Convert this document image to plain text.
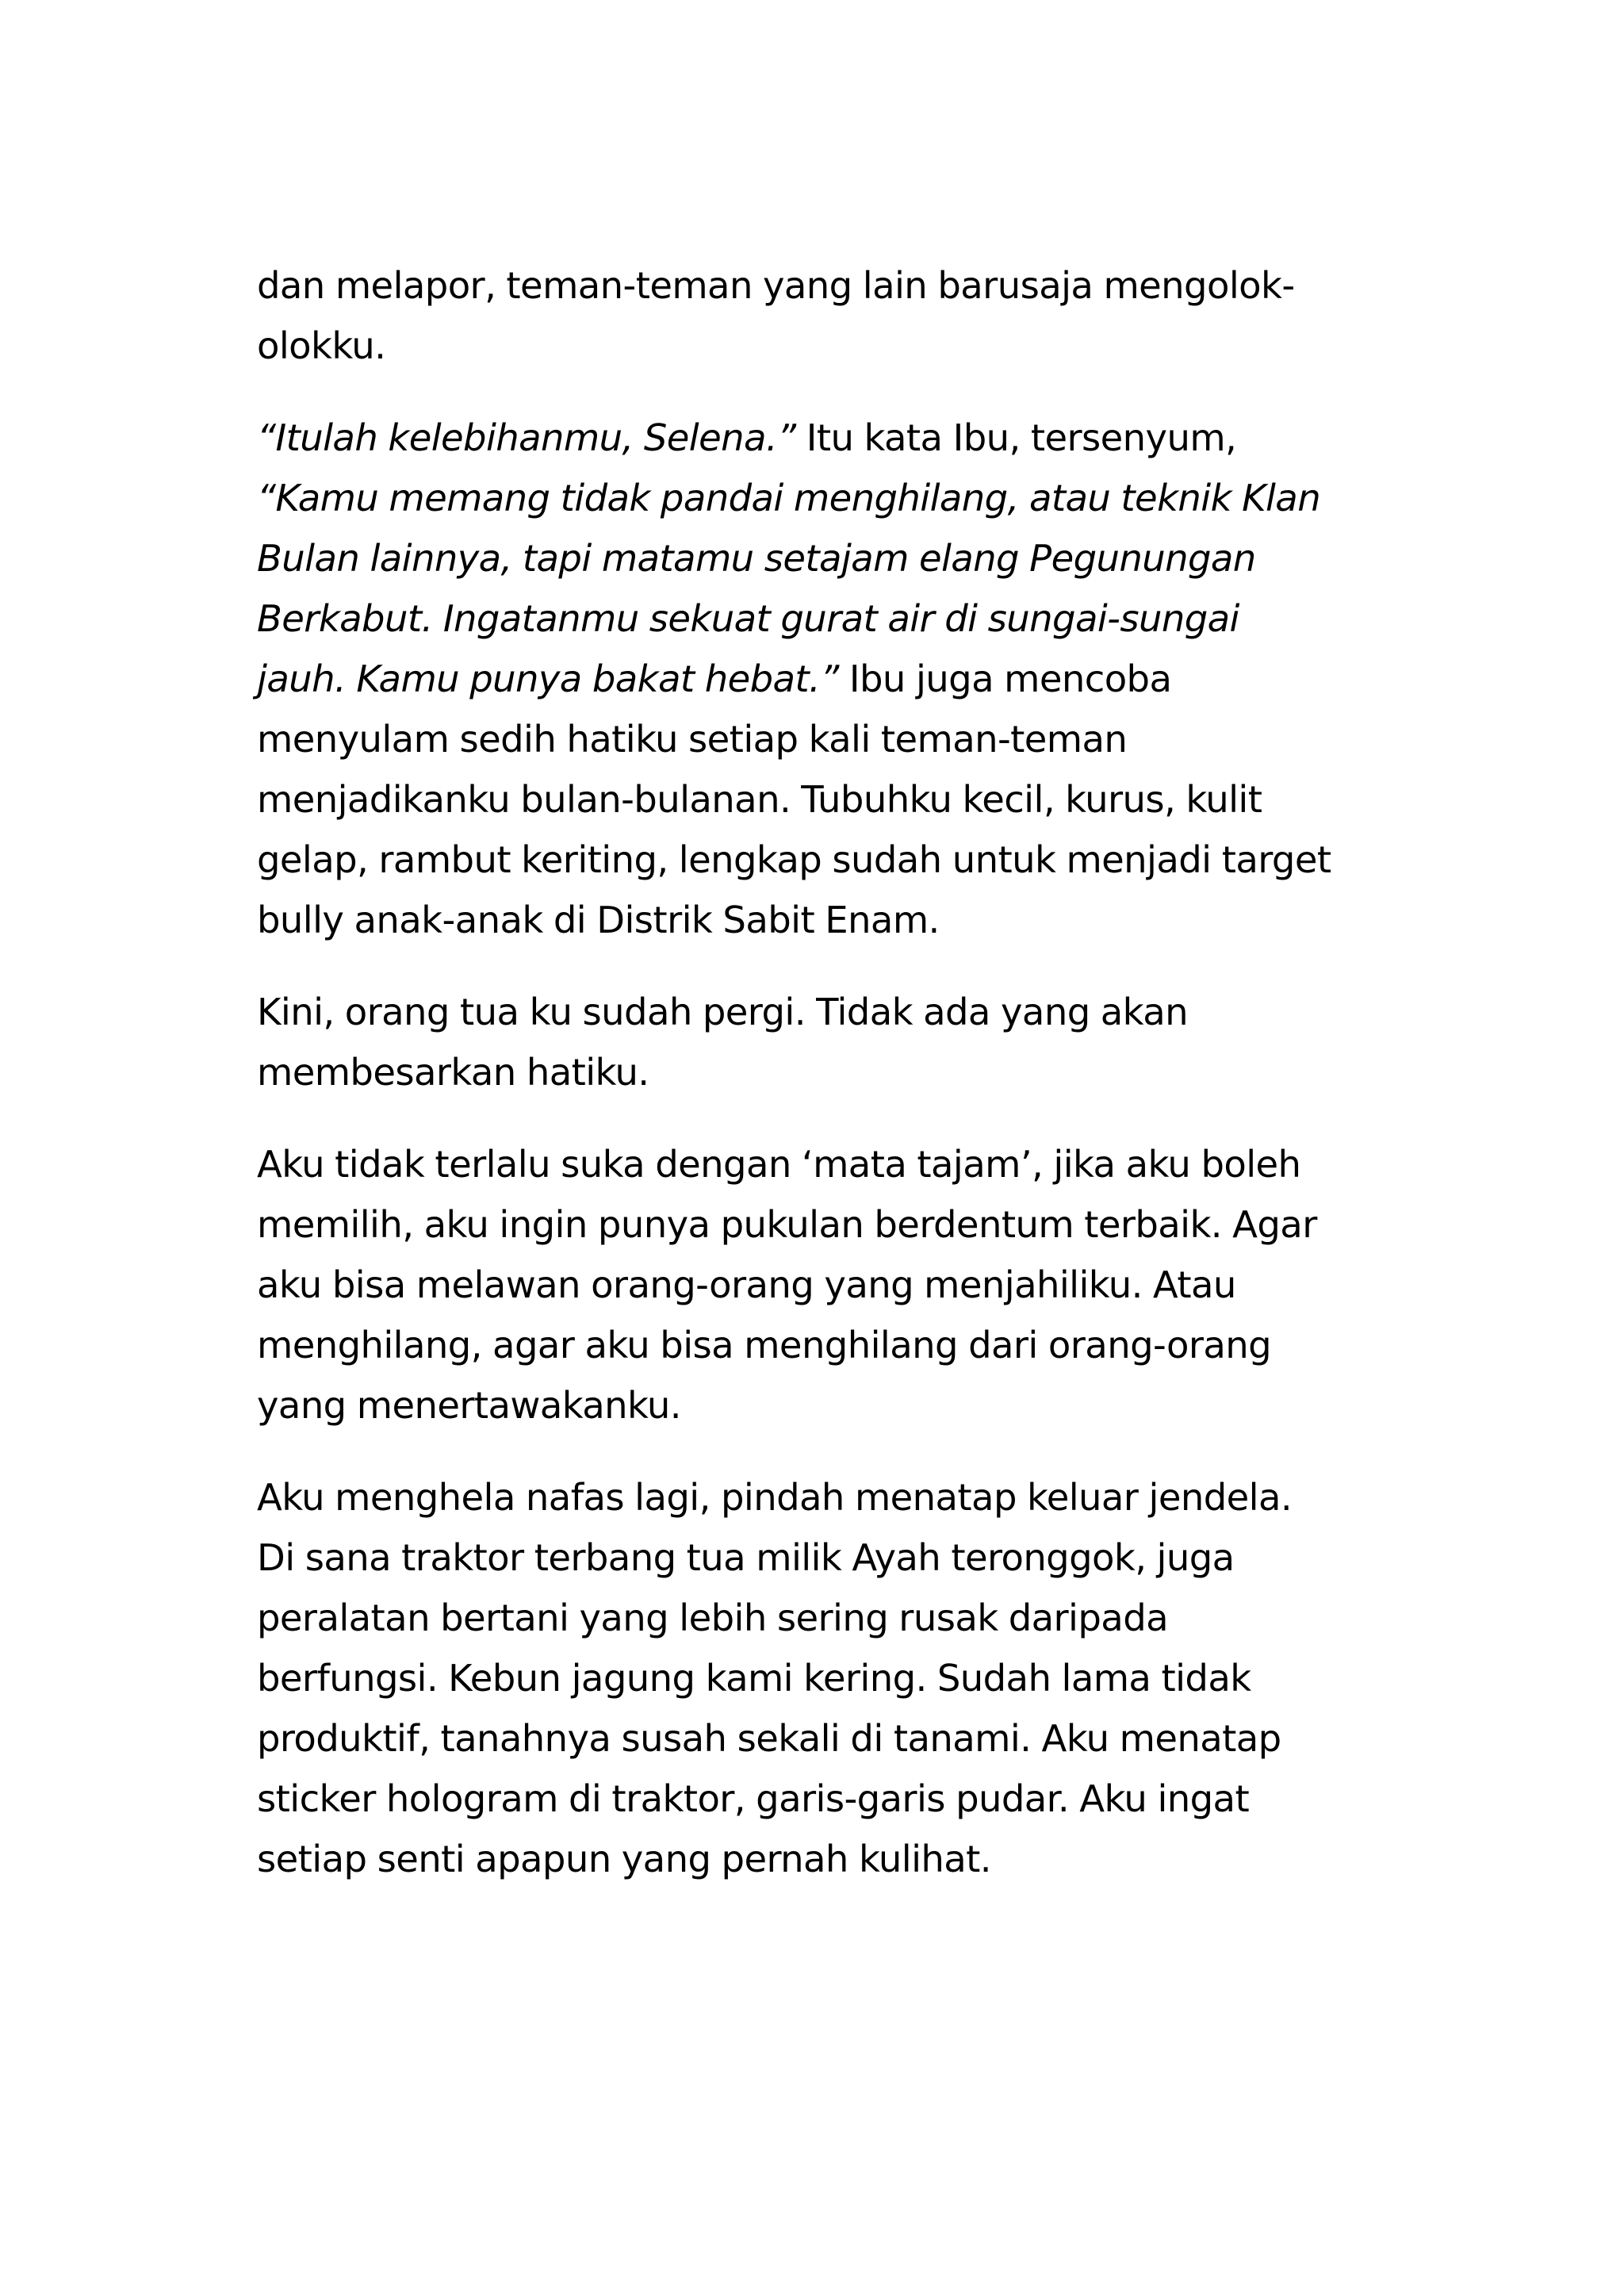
dan melapor, teman-teman yang lain barusaja mengolok-
olokku.

“Itulah kelebihanmu, Selena.” Itu kata Ibu, tersenyum,
“Kamu memang tidak pandai menghilang, atau teknik Klan
Bulan lainnya, tapi matamu setajam elang Pegunungan
Berkabut. Ingatanmu sekuat gurat air di sungai-sungai
jauh. Kamu punya bakat hebat.” Ibu juga mencoba
menyulam sedih hatiku setiap kali teman-teman
menjadikanku bulan-bulanan. Tubuhku kecil, kurus, kulit
gelap, rambut keriting, lengkap sudah untuk menjadi target
bully anak-anak di Distrik Sabit Enam.

Kini, orang tua ku sudah pergi. Tidak ada yang akan
membesarkan hatiku.

Aku tidak terlalu suka dengan ‘mata tajam’, jika aku boleh
memilih, aku ingin punya pukulan berdentum terbaik. Agar
aku bisa melawan orang-orang yang menjahiliku. Atau
menghilang, agar aku bisa menghilang dari orang-orang
yang menertawakanku.

Aku menghela nafas lagi, pindah menatap keluar jendela.
Di sana traktor terbang tua milik Ayah teronggok, juga
peralatan bertani yang lebih sering rusak daripada
berfungsi. Kebun jagung kami kering. Sudah lama tidak
produktif, tanahnya susah sekali di tanami. Aku menatap
sticker hologram di traktor, garis-garis pudar. Aku ingat
setiap senti apapun yang pernah kulihat.
